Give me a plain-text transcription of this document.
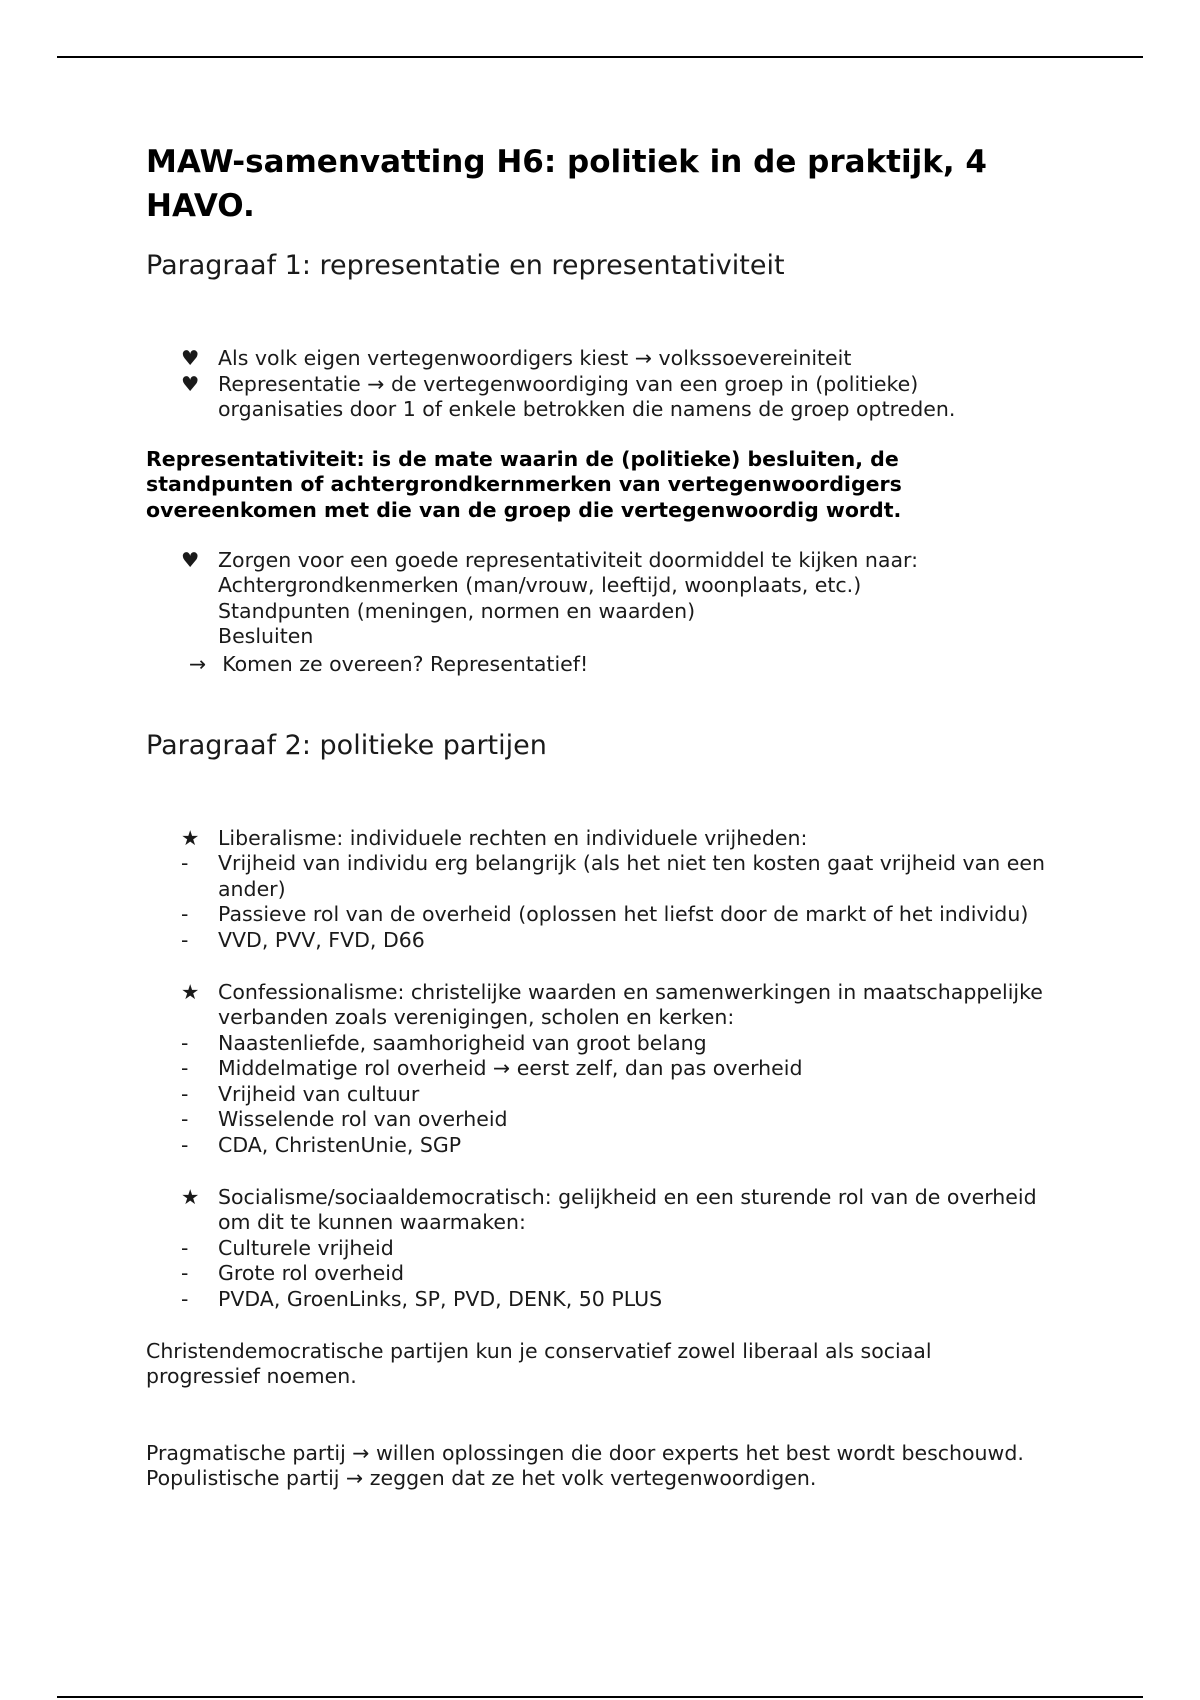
MAW-samenvatting H6: politiek in de praktijk, 4 HAVO.
Paragraaf 1: representatie en representativiteit
♥ Als volk eigen vertegenwoordigers kiest → volkssoevereiniteit
♥ Representatie → de vertegenwoordiging van een groep in (politieke) organisaties door 1 of enkele betrokken die namens de groep optreden.

Representativiteit: is de mate waarin de (politieke) besluiten, de standpunten of achtergrondkernmerken van vertegenwoordigers overeenkomen met die van de groep die vertegenwoordig wordt.

♥ Zorgen voor een goede representativiteit doormiddel te kijken naar:
Achtergrondkenmerken (man/vrouw, leeftijd, woonplaats, etc.)
Standpunten (meningen, normen en waarden)
Besluiten
→ Komen ze overeen? Representatief!
Paragraaf 2: politieke partijen
★ Liberalisme: individuele rechten en individuele vrijheden:
-	Vrijheid van individu erg belangrijk (als het niet ten kosten gaat vrijheid van een ander)
-	Passieve rol van de overheid (oplossen het liefst door de markt of het individu)
-	VVD, PVV, FVD, D66
★ Confessionalisme: christelijke waarden en samenwerkingen in maatschappelijke verbanden zoals verenigingen, scholen en kerken:
-	Naastenliefde, saamhorigheid van groot belang
-	Middelmatige rol overheid → eerst zelf, dan pas overheid
-	Vrijheid van cultuur
-	Wisselende rol van overheid
-	CDA, ChristenUnie, SGP
★ Socialisme/sociaaldemocratisch: gelijkheid en een sturende rol van de overheid om dit te kunnen waarmaken:
-	Culturele vrijheid
-	Grote rol overheid
-	PVDA, GroenLinks, SP, PVD, DENK, 50 PLUS

Christendemocratische partijen kun je conservatief zowel liberaal als sociaal progressief noemen.

Pragmatische partij → willen oplossingen die door experts het best wordt beschouwd.

Populistische partij → zeggen dat ze het volk vertegenwoordigen.
